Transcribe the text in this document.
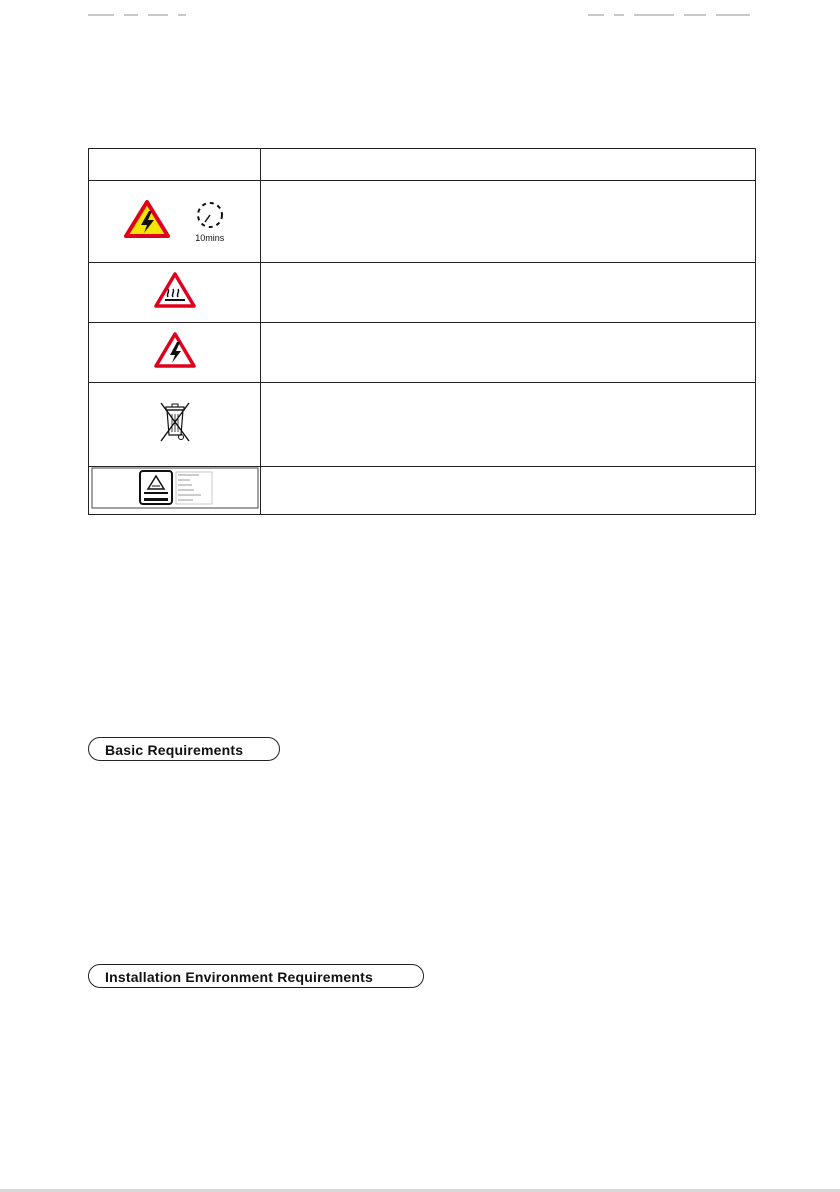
10mins	

Basic Requirements
Installation Environment Requirements
